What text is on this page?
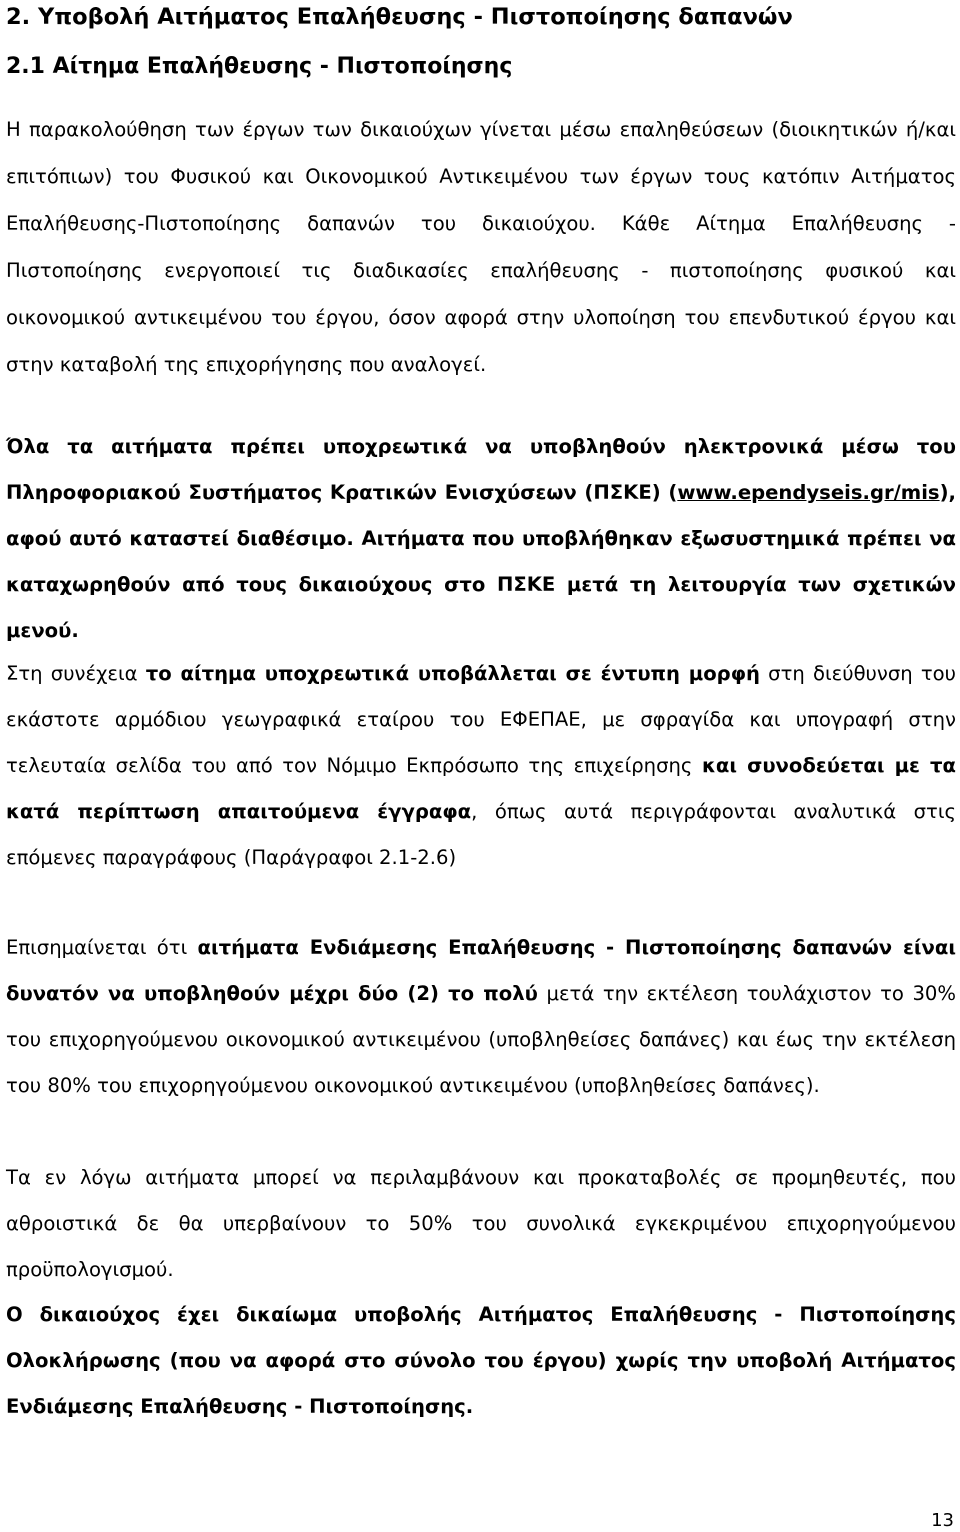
2. Υποβολή Αιτήματος Επαλήθευσης - Πιστοποίησης δαπανών
2.1 Αίτημα Επαλήθευσης - Πιστοποίησης
Η παρακολούθηση των έργων των δικαιούχων γίνεται μέσω επαληθεύσεων (διοικητικών ή/και επιτόπιων) του Φυσικού και Οικονομικού Αντικειμένου των έργων τους κατόπιν Αιτήματος Επαλήθευσης-Πιστοποίησης δαπανών του δικαιούχου. Κάθε Αίτημα Επαλήθευσης - Πιστοποίησης ενεργοποιεί τις διαδικασίες επαλήθευσης - πιστοποίησης φυσικού και οικονομικού αντικειμένου του έργου, όσον αφορά στην υλοποίηση του επενδυτικού έργου και στην καταβολή της επιχορήγησης που αναλογεί.
Όλα τα αιτήματα πρέπει υποχρεωτικά να υποβληθούν ηλεκτρονικά μέσω του Πληροφοριακού Συστήματος Κρατικών Ενισχύσεων (ΠΣΚΕ) (www.ependyseis.gr/mis), αφού αυτό καταστεί διαθέσιμο. Αιτήματα που υποβλήθηκαν εξωσυστημικά πρέπει να καταχωρηθούν από τους δικαιούχους στο ΠΣΚΕ μετά τη λειτουργία των σχετικών μενού.
Στη συνέχεια το αίτημα υποχρεωτικά υποβάλλεται σε έντυπη μορφή στη διεύθυνση του εκάστοτε αρμόδιου γεωγραφικά εταίρου του ΕΦΕΠΑΕ, με σφραγίδα και υπογραφή στην τελευταία σελίδα του από τον Νόμιμο Εκπρόσωπο της επιχείρησης και συνοδεύεται με τα κατά περίπτωση απαιτούμενα έγγραφα, όπως αυτά περιγράφονται αναλυτικά στις επόμενες παραγράφους (Παράγραφοι 2.1-2.6)
Επισημαίνεται ότι αιτήματα Ενδιάμεσης Επαλήθευσης - Πιστοποίησης δαπανών είναι δυνατόν να υποβληθούν μέχρι δύο (2) το πολύ μετά την εκτέλεση τουλάχιστον το 30% του επιχορηγούμενου οικονομικού αντικειμένου (υποβληθείσες δαπάνες) και έως την εκτέλεση του 80% του επιχορηγούμενου οικονομικού αντικειμένου (υποβληθείσες δαπάνες).
Τα εν λόγω αιτήματα μπορεί να περιλαμβάνουν και προκαταβολές σε προμηθευτές, που αθροιστικά δε θα υπερβαίνουν το 50% του συνολικά εγκεκριμένου επιχορηγούμενου προϋπολογισμού.
Ο δικαιούχος έχει δικαίωμα υποβολής Αιτήματος Επαλήθευσης - Πιστοποίησης Ολοκλήρωσης (που να αφορά στο σύνολο του έργου) χωρίς την υποβολή Αιτήματος Ενδιάμεσης Επαλήθευσης - Πιστοποίησης.
13
